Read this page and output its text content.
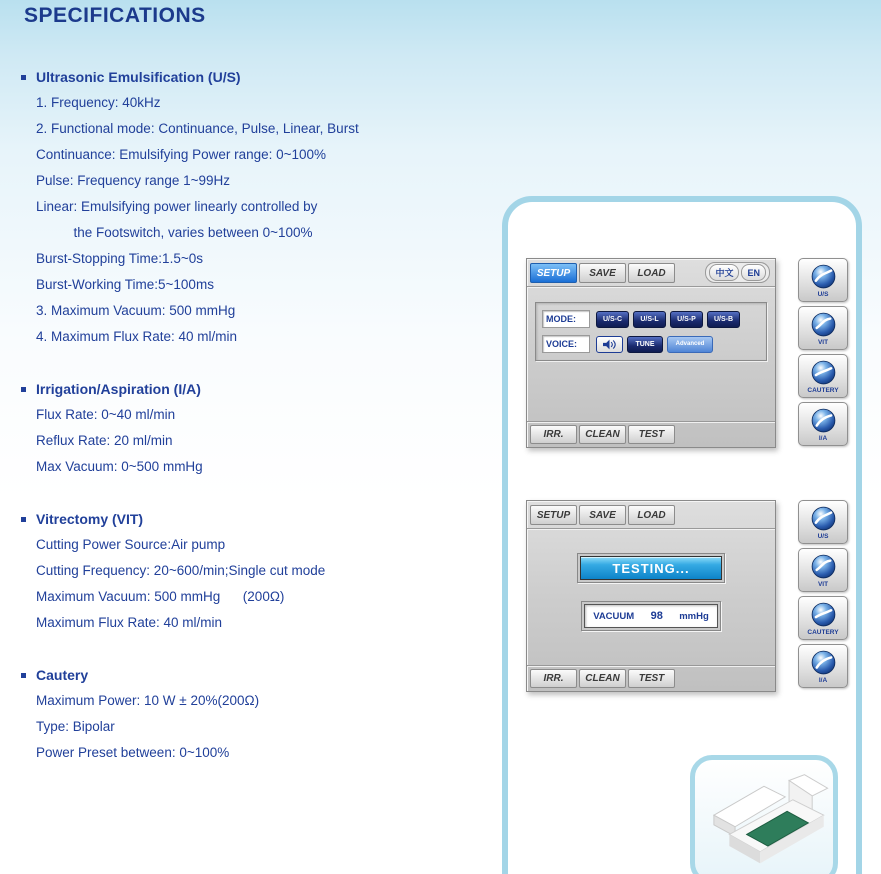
SPECIFICATIONS
Ultrasonic Emulsification (U/S)
1. Frequency: 40kHz
2. Functional mode: Continuance, Pulse, Linear, Burst
Continuance: Emulsifying Power range: 0~100%
Pulse: Frequency range 1~99Hz
Linear: Emulsifying power linearly controlled by
the Footswitch, varies between 0~100%
Burst-Stopping Time:1.5~0s
Burst-Working Time:5~100ms
3. Maximum Vacuum: 500 mmHg
4. Maximum Flux Rate: 40 ml/min
Irrigation/Aspiration (I/A)
Flux Rate: 0~40 ml/min
Reflux Rate: 20 ml/min
Max Vacuum: 0~500 mmHg
Vitrectomy (VIT)
Cutting Power Source:Air pump
Cutting Frequency: 20~600/min;Single cut mode
Maximum Vacuum: 500 mmHg      (200Ω)
Maximum Flux Rate: 40 ml/min
Cautery
Maximum Power: 10 W ± 20%(200Ω)
Type: Bipolar
Power Preset between: 0~100%
SETUP	SAVE	LOAD	中文	EN
MODE:	U/S-C	U/S-L	U/S-P	U/S-B
VOICE:	TUNE	Advanced
IRR.	CLEAN	TEST
U/S
VIT
CAUTERY
I/A
SETUP	SAVE	LOAD
TESTING...
VACUUM 98 mmHg
IRR.	CLEAN	TEST
U/S
VIT
CAUTERY
I/A
